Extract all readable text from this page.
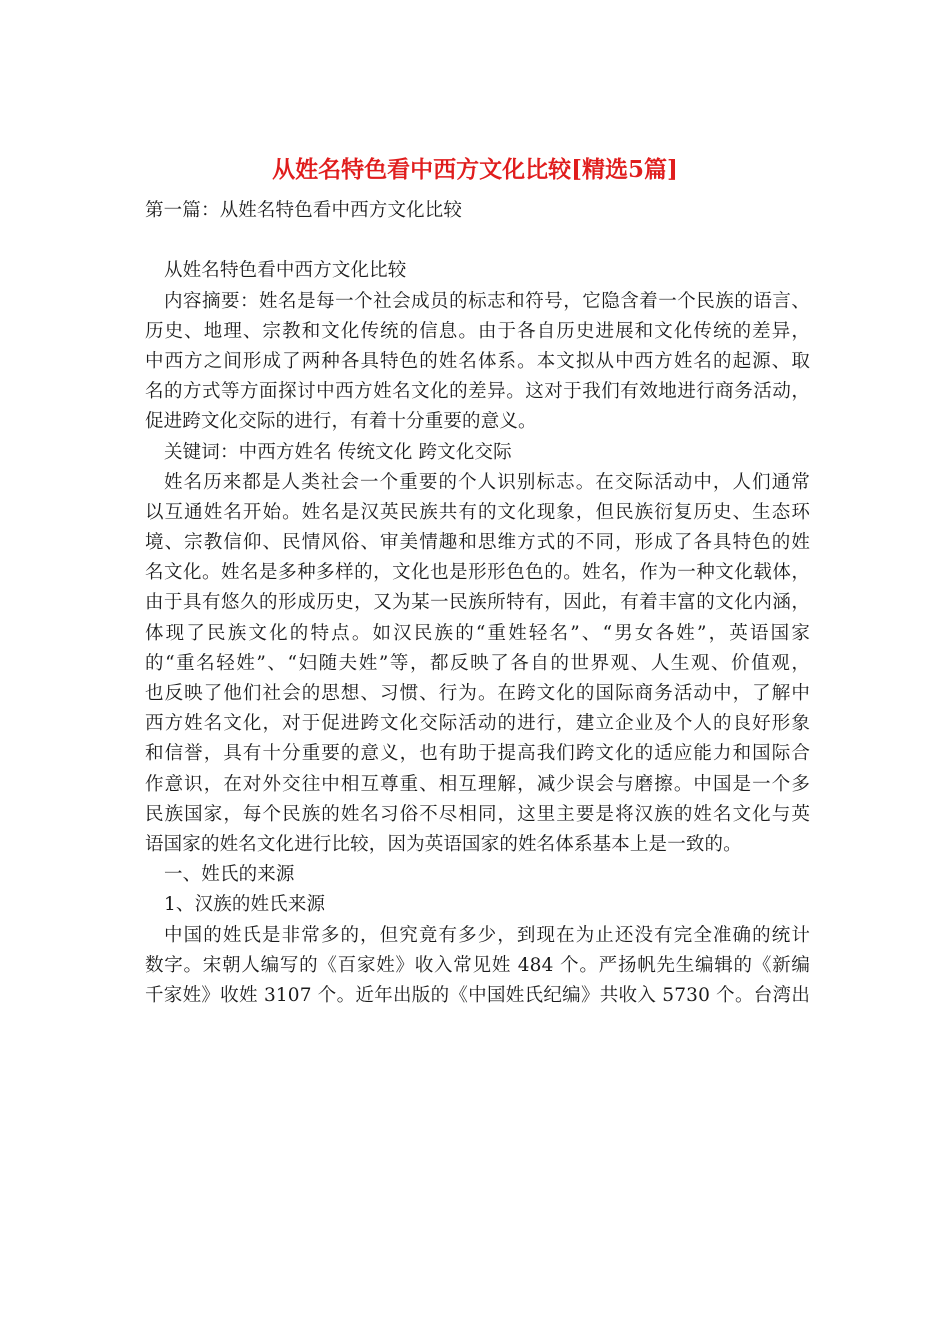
从姓名特色看中西方文化比较[精选5篇]
第一篇：从姓名特色看中西方文化比较
从姓名特色看中西方文化比较
内容摘要：姓名是每一个社会成员的标志和符号，它隐含着一个民族的语言、
历史、地理、宗教和文化传统的信息。由于各自历史进展和文化传统的差异，
中西方之间形成了两种各具特色的姓名体系。本文拟从中西方姓名的起源、取
名的方式等方面探讨中西方姓名文化的差异。这对于我们有效地进行商务活动，
促进跨文化交际的进行，有着十分重要的意义。
关键词：中西方姓名 传统文化 跨文化交际
姓名历来都是人类社会一个重要的个人识别标志。在交际活动中，人们通常
以互通姓名开始。姓名是汉英民族共有的文化现象，但民族衍复历史、生态环
境、宗教信仰、民情风俗、审美情趣和思维方式的不同，形成了各具特色的姓
名文化。姓名是多种多样的，文化也是形形色色的。姓名，作为一种文化载体，
由于具有悠久的形成历史，又为某一民族所特有，因此，有着丰富的文化内涵，
体现了民族文化的特点。如汉民族的“重姓轻名”、“男女各姓”，英语国家
的“重名轻姓”、“妇随夫姓”等，都反映了各自的世界观、人生观、价值观，
也反映了他们社会的思想、习惯、行为。在跨文化的国际商务活动中，了解中
西方姓名文化，对于促进跨文化交际活动的进行，建立企业及个人的良好形象
和信誉，具有十分重要的意义，也有助于提高我们跨文化的适应能力和国际合
作意识，在对外交往中相互尊重、相互理解，减少误会与磨擦。中国是一个多
民族国家，每个民族的姓名习俗不尽相同，这里主要是将汉族的姓名文化与英
语国家的姓名文化进行比较，因为英语国家的姓名体系基本上是一致的。
一、姓氏的来源
1、汉族的姓氏来源
中国的姓氏是非常多的，但究竟有多少，到现在为止还没有完全准确的统计
数字。宋朝人编写的《百家姓》收入常见姓 484 个。严扬帆先生编辑的《新编
千家姓》收姓 3107 个。近年出版的《中国姓氏纪编》共收入 5730 个。台湾出
